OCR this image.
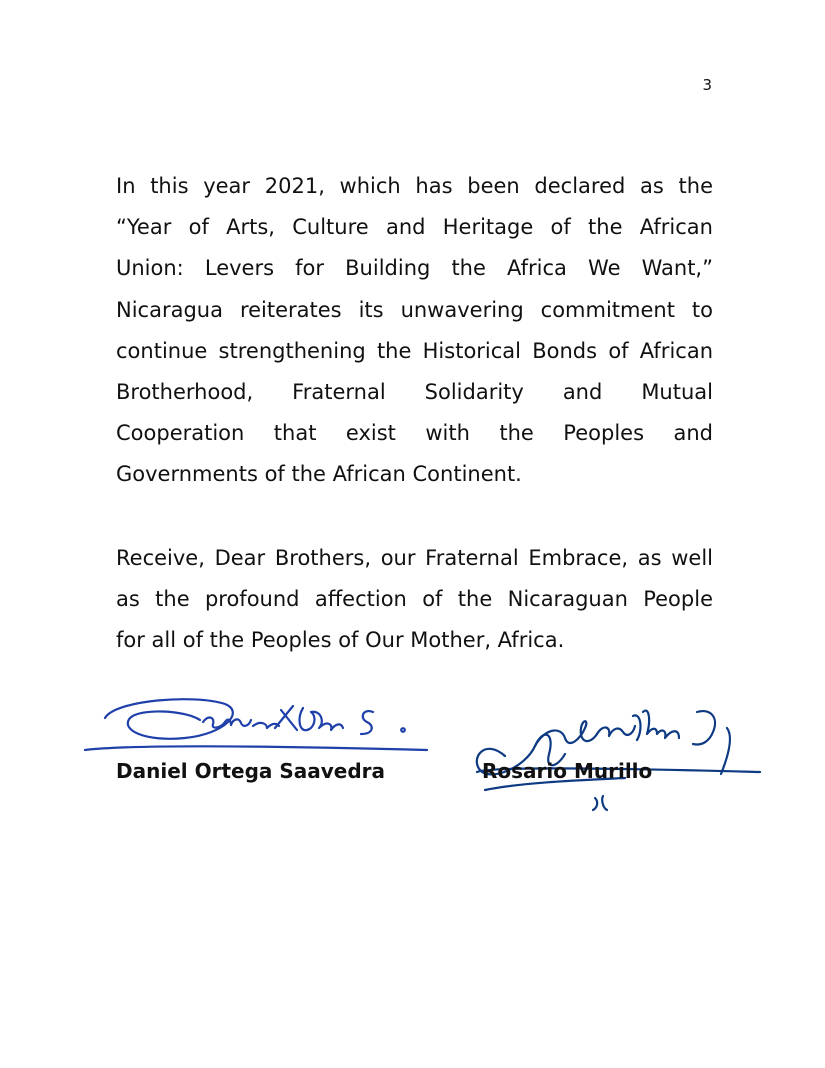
3
In this year 2021, which has been declared as the
“Year of Arts, Culture and Heritage of the African
Union: Levers for Building the Africa We Want,”
Nicaragua reiterates its unwavering commitment to
continue strengthening the Historical Bonds of African
Brotherhood, Fraternal Solidarity and Mutual
Cooperation that exist with the Peoples and
Governments of the African Continent.
Receive, Dear Brothers, our Fraternal Embrace, as well
as the profound affection of the Nicaraguan People
for all of the Peoples of Our Mother, Africa.
Daniel Ortega Saavedra	Rosario Murillo
